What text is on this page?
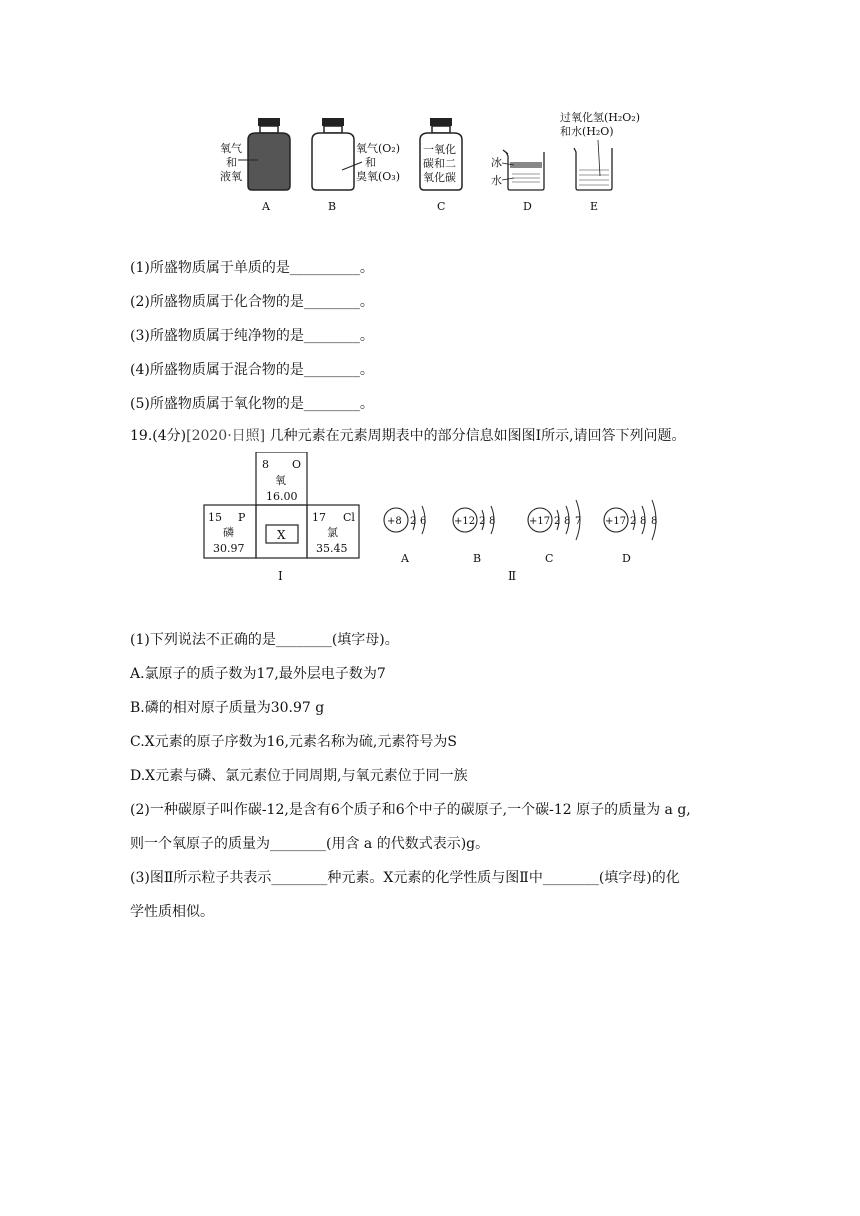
氧气
和
液氧
A
氧气(O₂)
和
臭氧(O₃)
B
一氧化
碳和二
氧化碳
C
冰
水
D
过氧化氢(H₂O₂)
和水(H₂O)
E
(1)所盛物质属于单质的是__________。
(2)所盛物质属于化合物的是________。
(3)所盛物质属于纯净物的是________。
(4)所盛物质属于混合物的是________。
(5)所盛物质属于氧化物的是________。
19.(4分)[2020·日照] 几种元素在元素周期表中的部分信息如图图Ⅰ所示,请回答下列问题。
8 O
氧
16.00
15 P
磷
30.97
X
17 Cl
氯
35.45
Ⅰ
+8 2 6
A
+12 2 8
B
+17 2 8 7
C
+17 2 8 8
D
Ⅱ
(1)下列说法不正确的是________(填字母)。
A.氯原子的质子数为17,最外层电子数为7
B.磷的相对原子质量为30.97 g
C.X元素的原子序数为16,元素名称为硫,元素符号为S
D.X元素与磷、氯元素位于同周期,与氧元素位于同一族
(2)一种碳原子叫作碳-12,是含有6个质子和6个中子的碳原子,一个碳-12 原子的质量为 a g,
则一个氧原子的质量为________(用含 a 的代数式表示)g。
(3)图Ⅱ所示粒子共表示________种元素。X元素的化学性质与图Ⅱ中________(填字母)的化
学性质相似。
